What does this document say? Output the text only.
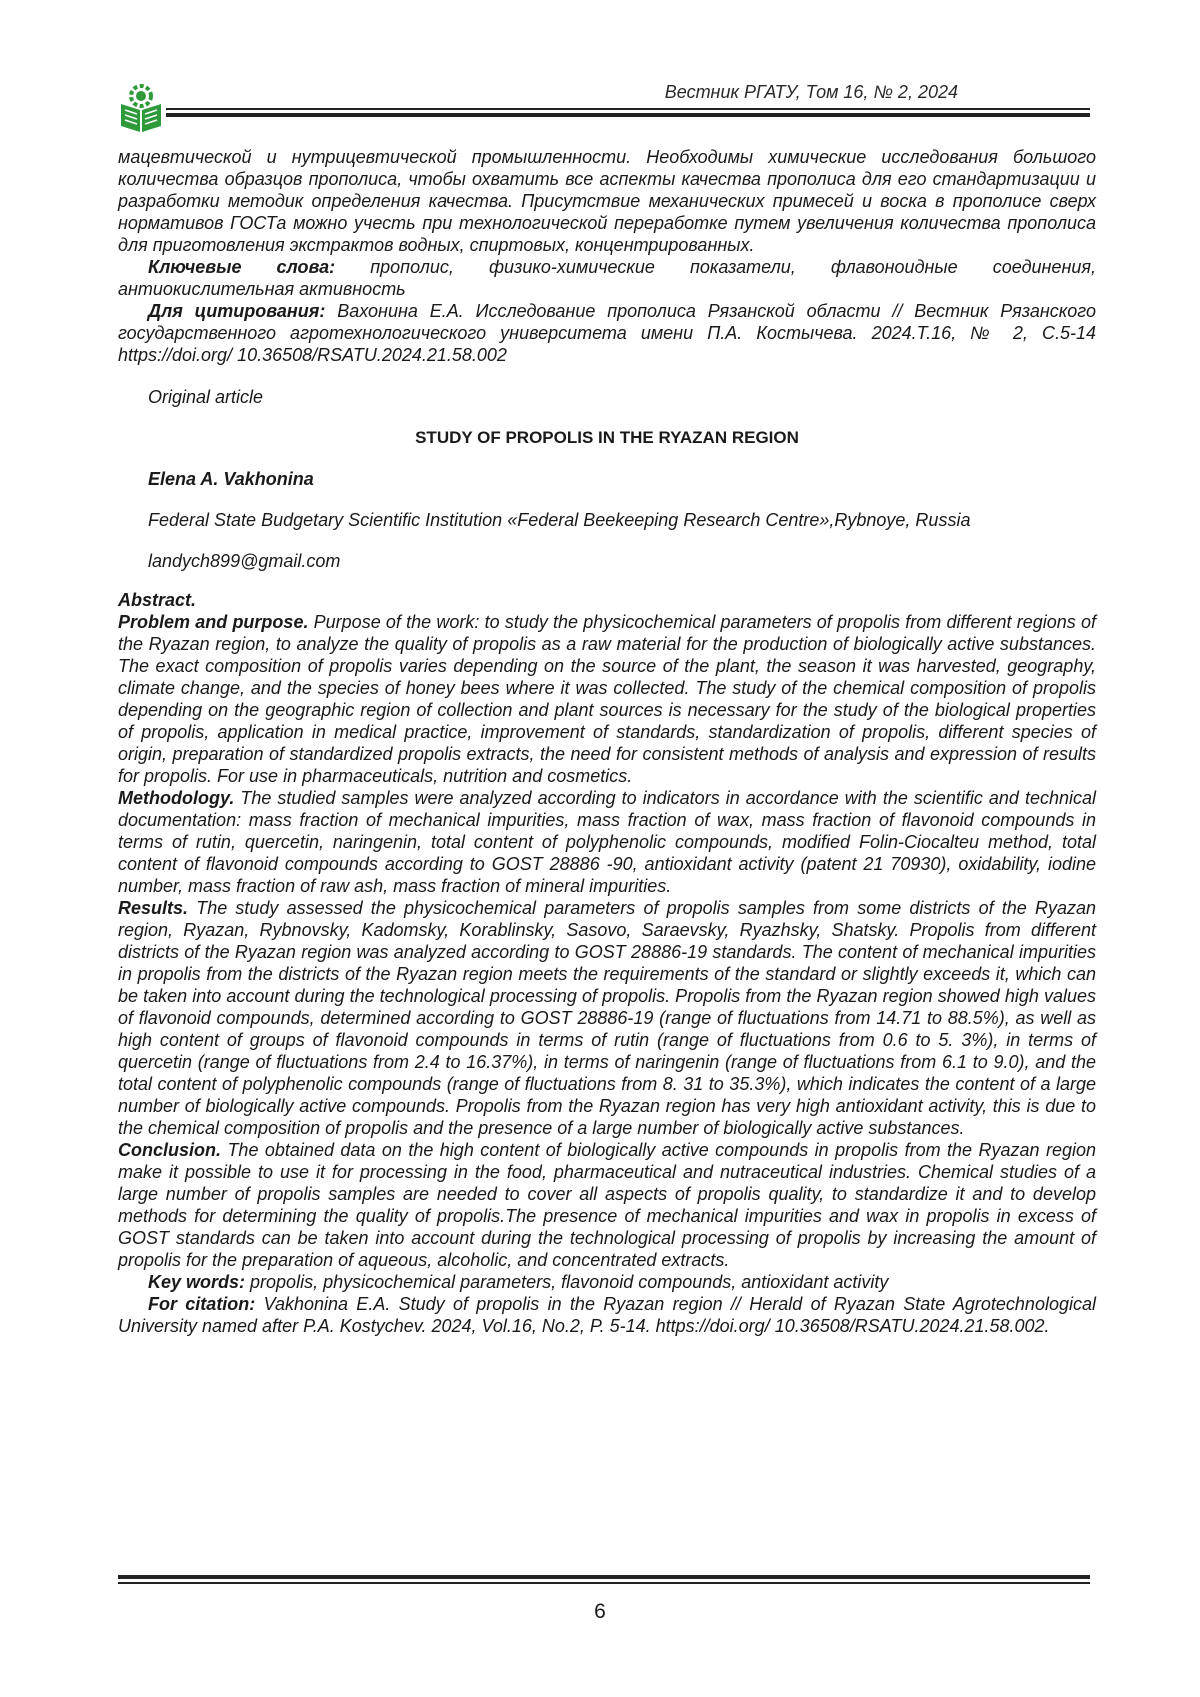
Вестник РГАТУ, Том 16, № 2, 2024

мацевтической и нутрицевтической промышленности. Необходимы химические исследования большого количества образцов прополиса, чтобы охватить все аспекты качества прополиса для его стандартизации и разработки методик определения качества. Присутствие механических примесей и воска в прополисе сверх нормативов ГОСТа можно учесть при технологической переработке путем увеличения количества прополиса для приготовления экстрактов водных, спиртовых, концентрированных.

Ключевые слова: прополис, физико-химические показатели, флавоноидные соединения, антиокислительная активность

Для цитирования: Вахонина Е.А. Исследование прополиса Рязанской области // Вестник Рязанского государственного агротехнологического университета имени П.А. Костычева. 2024.Т.16, № 2, С.5-14 https://doi.org/ 10.36508/RSATU.2024.21.58.002

Original article

STUDY OF PROPOLIS IN THE RYAZAN REGION

Elena A. Vakhonina

Federal State Budgetary Scientific Institution «Federal Beekeeping Research Centre»,Rybnoye, Russia

landych899@gmail.com

Abstract.

Problem and purpose. Purpose of the work: to study the physicochemical parameters of propolis from different regions of the Ryazan region, to analyze the quality of propolis as a raw material for the production of biologically active substances. The exact composition of propolis varies depending on the source of the plant, the season it was harvested, geography, climate change, and the species of honey bees where it was collected. The study of the chemical composition of propolis depending on the geographic region of collection and plant sources is necessary for the study of the biological properties of propolis, application in medical practice, improvement of standards, standardization of propolis, different species of origin, preparation of standardized propolis extracts, the need for consistent methods of analysis and expression of results for propolis. For use in pharmaceuticals, nutrition and cosmetics.

Methodology. The studied samples were analyzed according to indicators in accordance with the scientific and technical documentation: mass fraction of mechanical impurities, mass fraction of wax, mass fraction of flavonoid compounds in terms of rutin, quercetin, naringenin, total content of polyphenolic compounds, modified Folin-Ciocalteu method, total content of flavonoid compounds according to GOST 28886 -90, antioxidant activity (patent 21 70930), oxidability, iodine number, mass fraction of raw ash, mass fraction of mineral impurities.

Results. The study assessed the physicochemical parameters of propolis samples from some districts of the Ryazan region, Ryazan, Rybnovsky, Kadomsky, Korablinsky, Sasovo, Saraevsky, Ryazhsky, Shatsky. Propolis from different districts of the Ryazan region was analyzed according to GOST 28886-19 standards. The content of mechanical impurities in propolis from the districts of the Ryazan region meets the requirements of the standard or slightly exceeds it, which can be taken into account during the technological processing of propolis. Propolis from the Ryazan region showed high values of flavonoid compounds, determined according to GOST 28886-19 (range of fluctuations from 14.71 to 88.5%), as well as high content of groups of flavonoid compounds in terms of rutin (range of fluctuations from 0.6 to 5. 3%), in terms of quercetin (range of fluctuations from 2.4 to 16.37%), in terms of naringenin (range of fluctuations from 6.1 to 9.0), and the total content of polyphenolic compounds (range of fluctuations from 8. 31 to 35.3%), which indicates the content of a large number of biologically active compounds. Propolis from the Ryazan region has very high antioxidant activity, this is due to the chemical composition of propolis and the presence of a large number of biologically active substances.

Conclusion. The obtained data on the high content of biologically active compounds in propolis from the Ryazan region make it possible to use it for processing in the food, pharmaceutical and nutraceutical industries. Chemical studies of a large number of propolis samples are needed to cover all aspects of propolis quality, to standardize it and to develop methods for determining the quality of propolis.The presence of mechanical impurities and wax in propolis in excess of GOST standards can be taken into account during the technological processing of propolis by increasing the amount of propolis for the preparation of aqueous, alcoholic, and concentrated extracts.

Key words: propolis, physicochemical parameters, flavonoid compounds, antioxidant activity

For citation: Vakhonina E.A. Study of propolis in the Ryazan region // Herald of Ryazan State Agrotechnological University named after P.A. Kostychev. 2024, Vol.16, No.2, P. 5-14. https://doi.org/ 10.36508/RSATU.2024.21.58.002.

6
